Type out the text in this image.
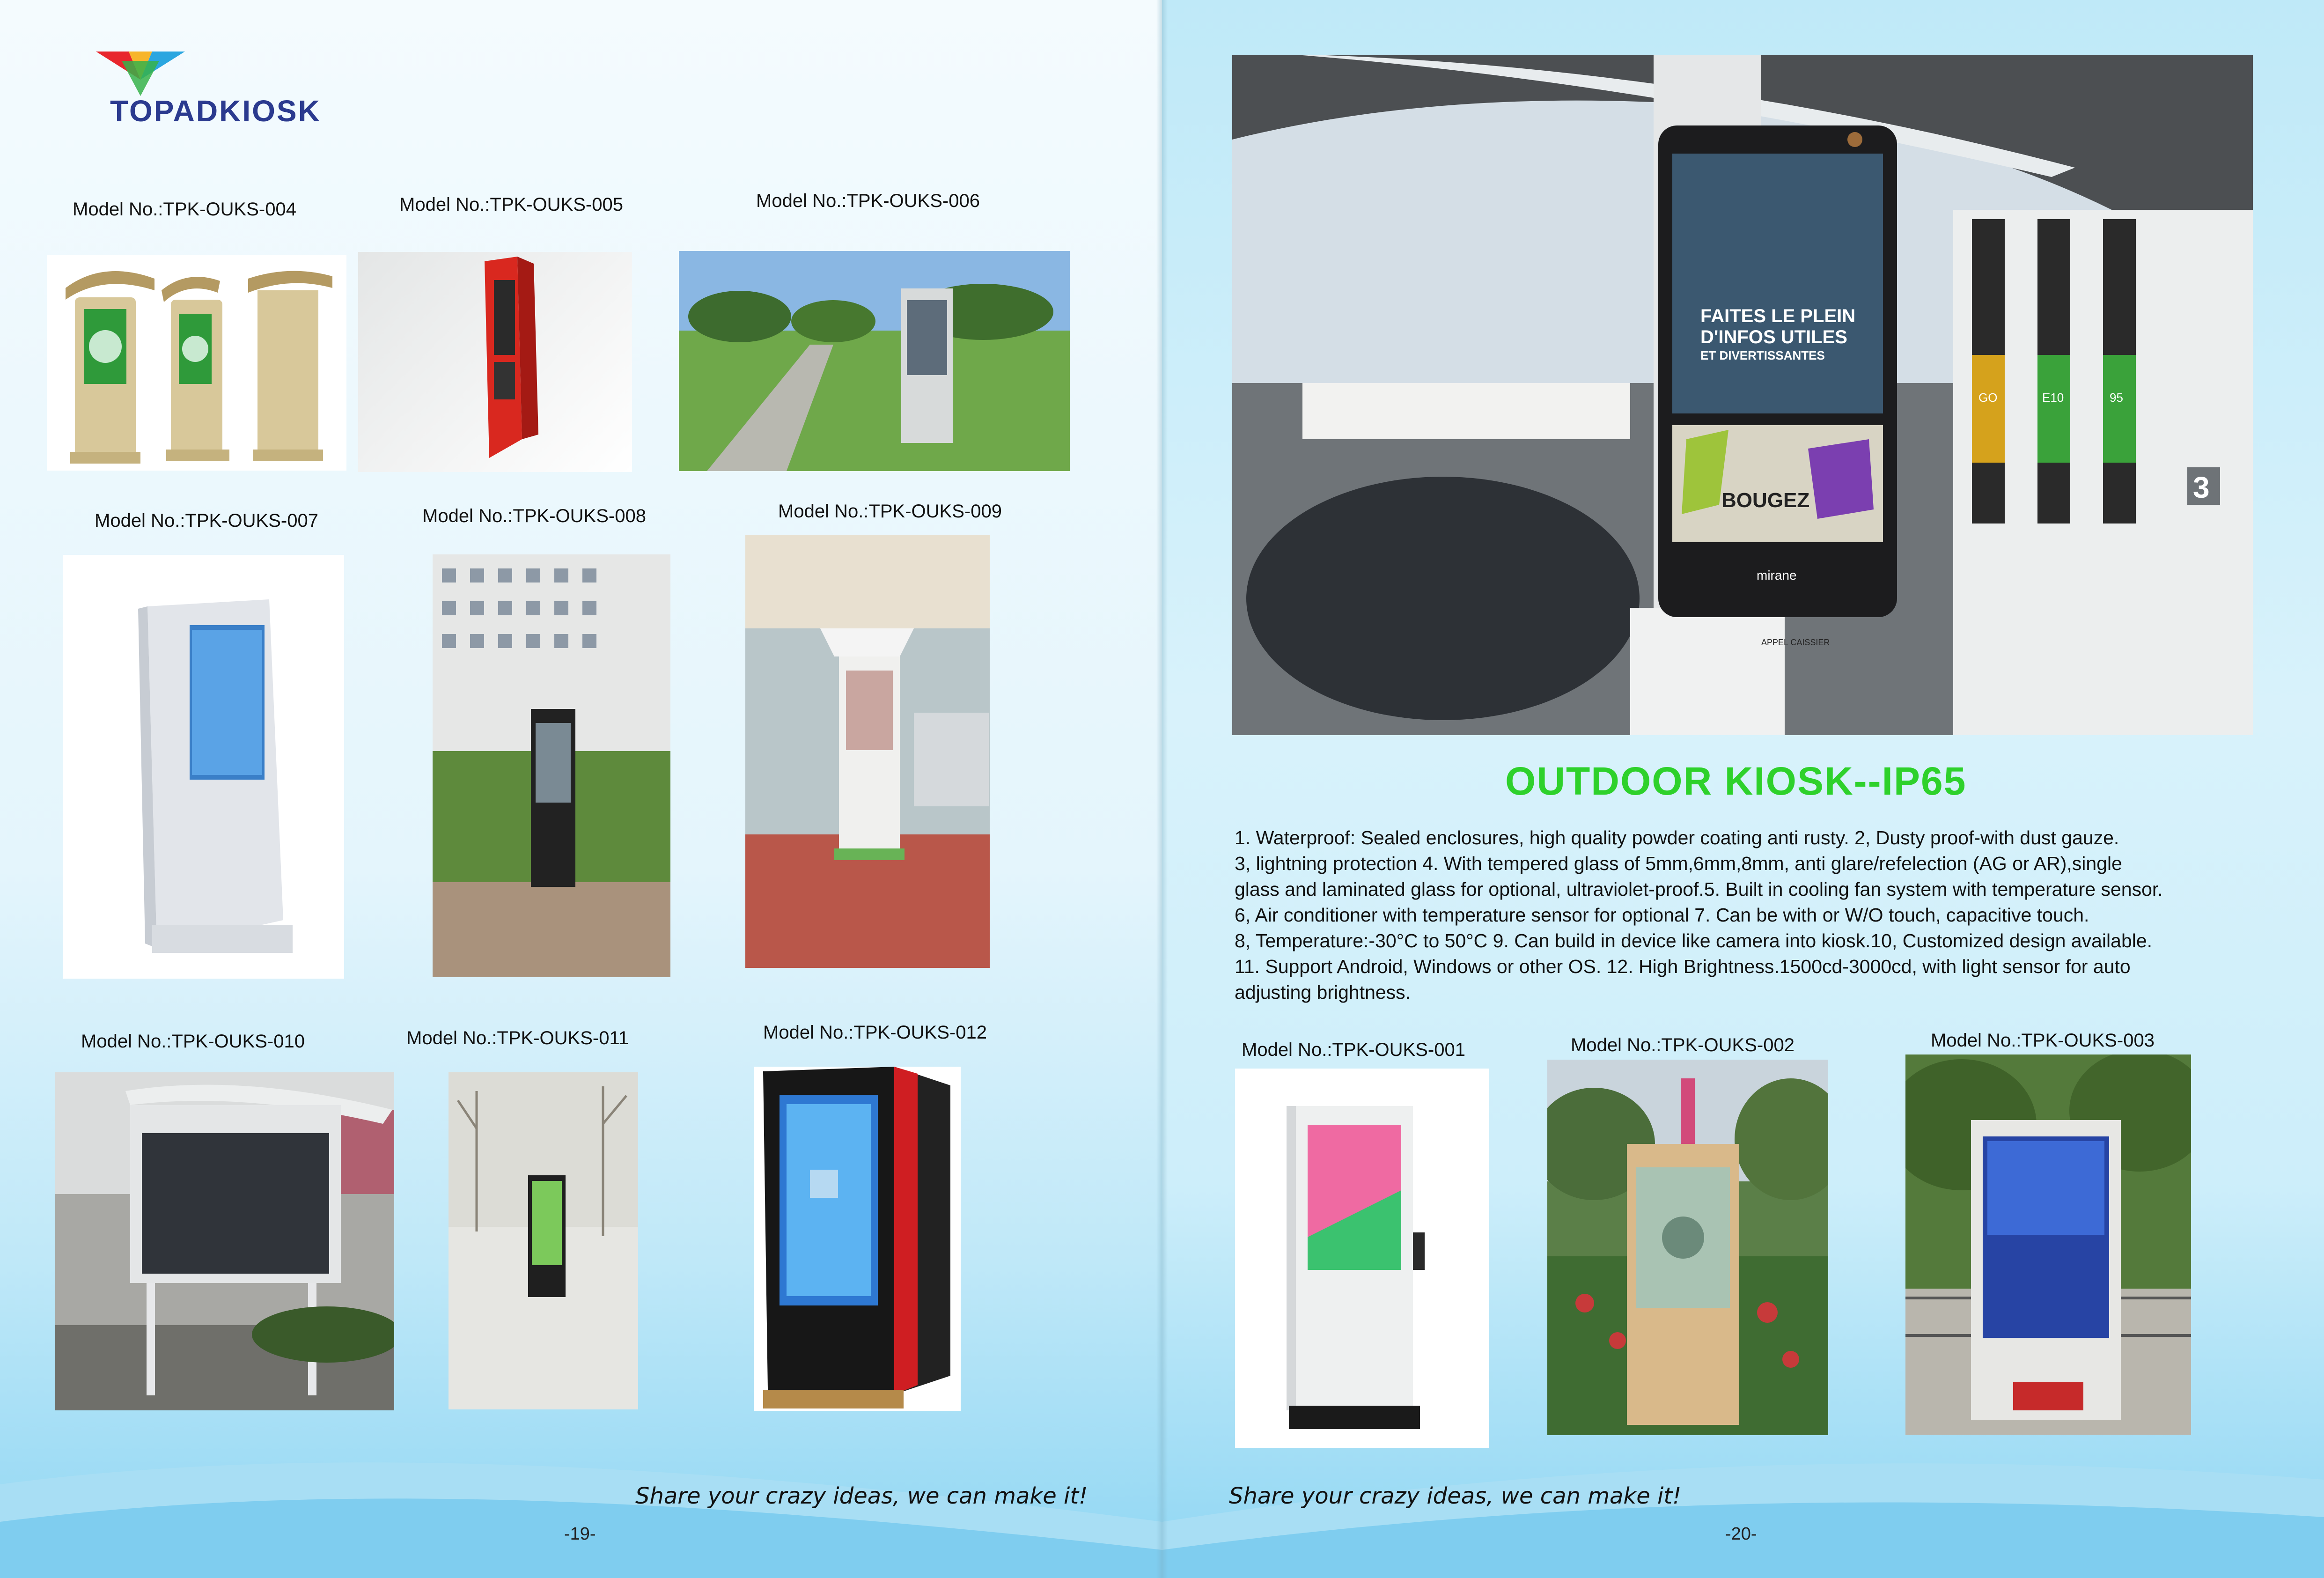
TOPADKIOSK
Model No.:TPK-OUKS-004	Model No.:TPK-OUKS-005	Model No.:TPK-OUKS-006
Model No.:TPK-OUKS-007	Model No.:TPK-OUKS-008	Model No.:TPK-OUKS-009
Model No.:TPK-OUKS-010	Model No.:TPK-OUKS-011	Model No.:TPK-OUKS-012
Share your crazy ideas, we can make it!
-19-
FAITES LE PLEIN
D'INFOS UTILES
ET DIVERTISSANTES
BOUGEZ
mirane
APPEL CAISSIER
GO	E10	95
3
OUTDOOR KIOSK--IP65
1. Waterproof: Sealed enclosures, high quality powder coating anti rusty. 2, Dusty proof-with dust gauze.
3, lightning protection 4. With tempered glass of 5mm,6mm,8mm, anti glare/refelection (AG or AR),single
glass and laminated glass for optional, ultraviolet-proof.5. Built in cooling fan system with temperature sensor.
6, Air conditioner with temperature sensor for optional 7. Can be with or W/O touch, capacitive touch.
8, Temperature:-30°C to 50°C 9. Can build in device like camera into kiosk.10, Customized design available.
11. Support Android, Windows or other OS. 12. High Brightness.1500cd-3000cd, with light sensor for auto
adjusting brightness.
Model No.:TPK-OUKS-001	Model No.:TPK-OUKS-002	Model No.:TPK-OUKS-003
Share your crazy ideas, we can make it!
-20-
